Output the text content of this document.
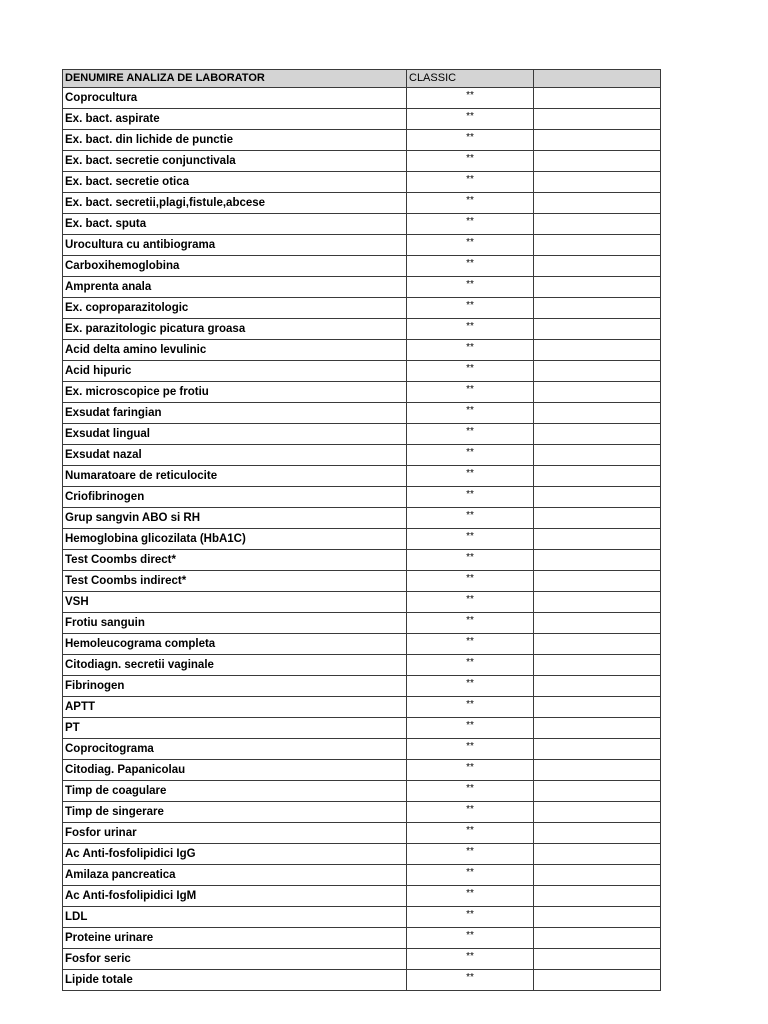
DENUMIRE ANALIZA DE LABORATOR	CLASSIC	
Coprocultura	**	
Ex. bact. aspirate	**	
Ex. bact. din lichide de punctie	**	
Ex. bact. secretie conjunctivala	**	
Ex. bact. secretie otica	**	
Ex. bact. secretii,plagi,fistule,abcese	**	
Ex. bact. sputa	**	
Urocultura cu antibiograma	**	
Carboxihemoglobina	**	
Amprenta anala	**	
Ex. coproparazitologic	**	
Ex. parazitologic picatura groasa	**	
Acid delta amino levulinic	**	
Acid hipuric	**	
Ex. microscopice pe frotiu	**	
Exsudat faringian	**	
Exsudat lingual	**	
Exsudat nazal	**	
Numaratoare de reticulocite	**	
Criofibrinogen	**	
Grup sangvin ABO si RH	**	
Hemoglobina glicozilata (HbA1C)	**	
Test Coombs direct*	**	
Test Coombs indirect*	**	
VSH	**	
Frotiu sanguin	**	
Hemoleucograma completa	**	
Citodiagn. secretii vaginale	**	
Fibrinogen	**	
APTT	**	
PT	**	
Coprocitograma	**	
Citodiag. Papanicolau	**	
Timp de coagulare	**	
Timp de singerare	**	
Fosfor urinar	**	
Ac Anti-fosfolipidici IgG	**	
Amilaza pancreatica	**	
Ac Anti-fosfolipidici IgM	**	
LDL	**	
Proteine urinare	**	
Fosfor seric	**	
Lipide totale	**	
